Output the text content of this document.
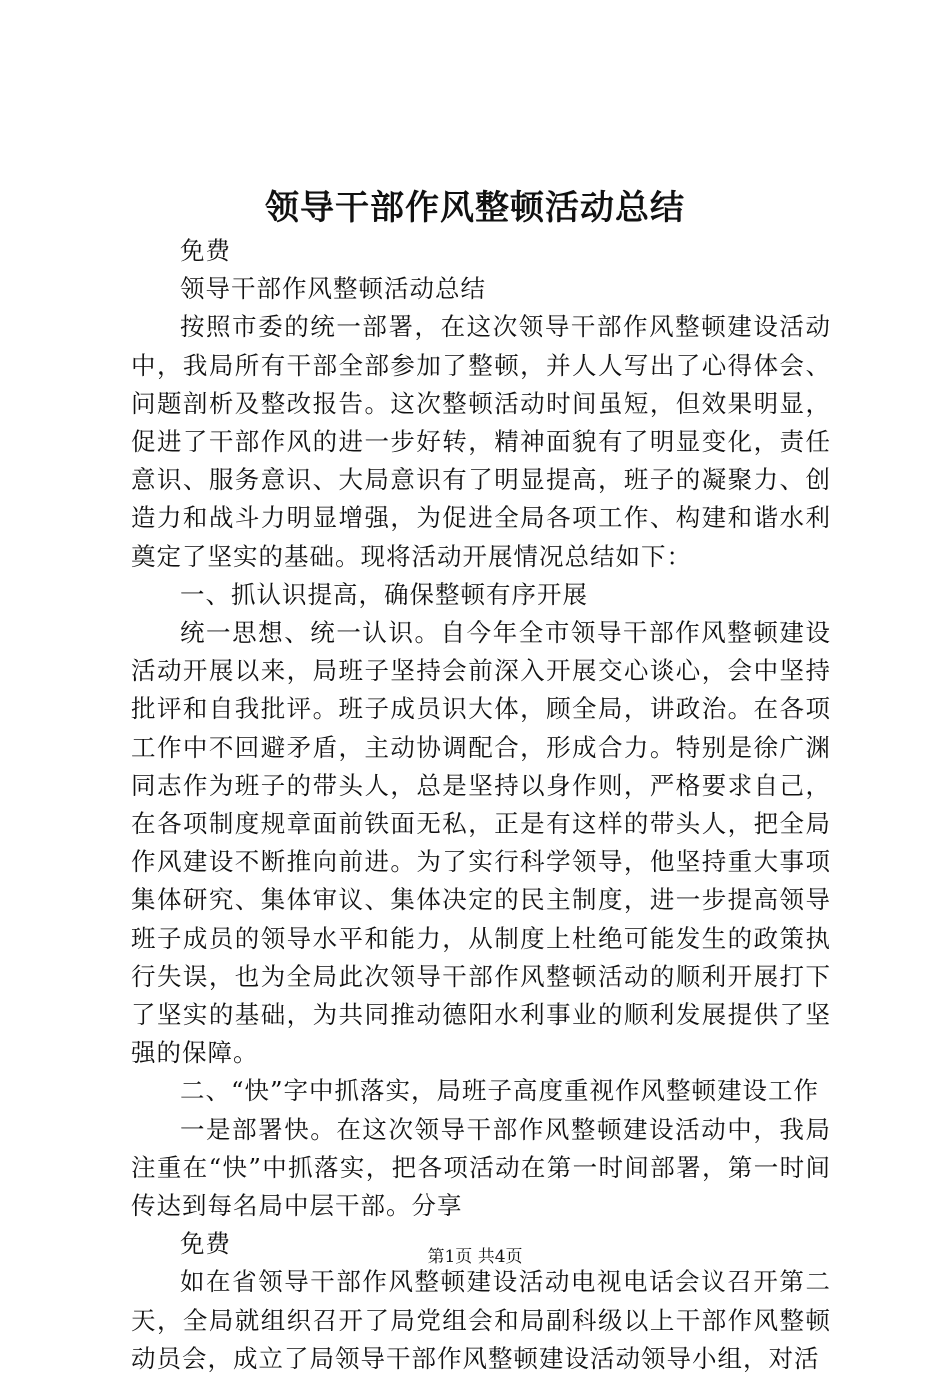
领导干部作风整顿活动总结

免费

领导干部作风整顿活动总结

按照市委的统一部署，在这次领导干部作风整顿建设活动中，我局所有干部全部参加了整顿，并人人写出了心得体会、问题剖析及整改报告。这次整顿活动时间虽短，但效果明显，促进了干部作风的进一步好转，精神面貌有了明显变化，责任意识、服务意识、大局意识有了明显提高，班子的凝聚力、创造力和战斗力明显增强，为促进全局各项工作、构建和谐水利奠定了坚实的基础。现将活动开展情况总结如下：

一、抓认识提高，确保整顿有序开展

统一思想、统一认识。自今年全市领导干部作风整顿建设活动开展以来，局班子坚持会前深入开展交心谈心，会中坚持批评和自我批评。班子成员识大体，顾全局，讲政治。在各项工作中不回避矛盾，主动协调配合，形成合力。特别是徐广渊同志作为班子的带头人，总是坚持以身作则，严格要求自己，在各项制度规章面前铁面无私，正是有这样的带头人，把全局作风建设不断推向前进。为了实行科学领导，他坚持重大事项集体研究、集体审议、集体决定的民主制度，进一步提高领导班子成员的领导水平和能力，从制度上杜绝可能发生的政策执行失误，也为全局此次领导干部作风整顿活动的顺利开展打下了坚实的基础，为共同推动德阳水利事业的顺利发展提供了坚强的保障。

二、“快”字中抓落实，局班子高度重视作风整顿建设工作

一是部署快。在这次领导干部作风整顿建设活动中，我局注重在“快”中抓落实，把各项活动在第一时间部署，第一时间传达到每名局中层干部。分享

免费

如在省领导干部作风整顿建设活动电视电话会议召开第二天，全局就组织召开了局党组会和局副科级以上干部作风整顿动员会，成立了局领导干部作风整顿建设活动领导小组，对活

第1页 共4页
